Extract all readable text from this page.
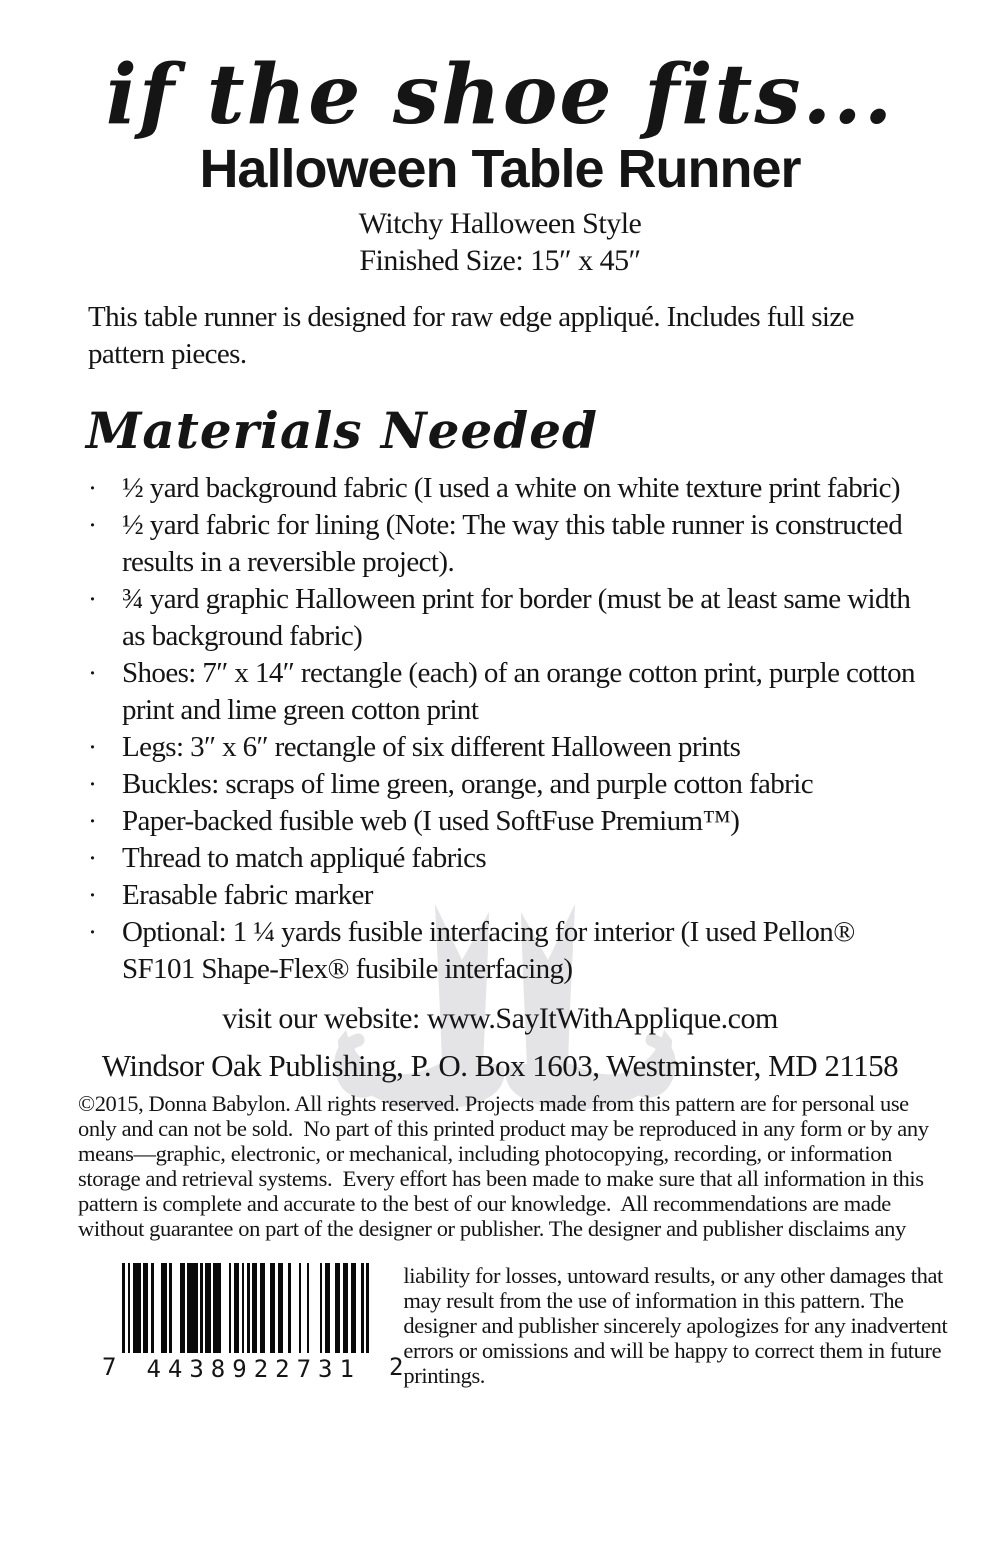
if the shoe fits...
Halloween Table Runner
Witchy Halloween Style
Finished Size: 15″ x 45″

This table runner is designed for raw edge appliqué. Includes full size pattern pieces.

Materials Needed
· ½ yard background fabric (I used a white on white texture print fabric)
· ½ yard fabric for lining (Note: The way this table runner is constructed results in a reversible project).
· ¾ yard graphic Halloween print for border (must be at least same width as background fabric)
· Shoes: 7″ x 14″ rectangle (each) of an orange cotton print, purple cotton print and lime green cotton print
· Legs: 3″ x 6″ rectangle of six different Halloween prints
· Buckles: scraps of lime green, orange, and purple cotton fabric
· Paper-backed fusible web (I used SoftFuse Premium™)
· Thread to match appliqué fabrics
· Erasable fabric marker
· Optional: 1 ¼ yards fusible interfacing for interior (I used Pellon® SF101 Shape-Flex® fusibile interfacing)
visit our website: www.SayItWithApplique.com
Windsor Oak Publishing, P. O. Box 1603, Westminster, MD 21158

©2015, Donna Babylon. All rights reserved. Projects made from this pattern are for personal use only and can not be sold.  No part of this printed product may be reproduced in any form or by any means—graphic, electronic, or mechanical, including photocopying, recording, or information storage and retrieval systems.  Every effort has been made to make sure that all information in this pattern is complete and accurate to the best of our knowledge.  All recommendations are made without guarantee on part of the designer or publisher. The designer and publisher disclaims any

7 44389 22731 2

liability for losses, untoward results, or any other damages that may result from the use of information in this pattern. The designer and publisher sincerely apologizes for any inadvertent errors or omissions and will be happy to correct them in future printings.
